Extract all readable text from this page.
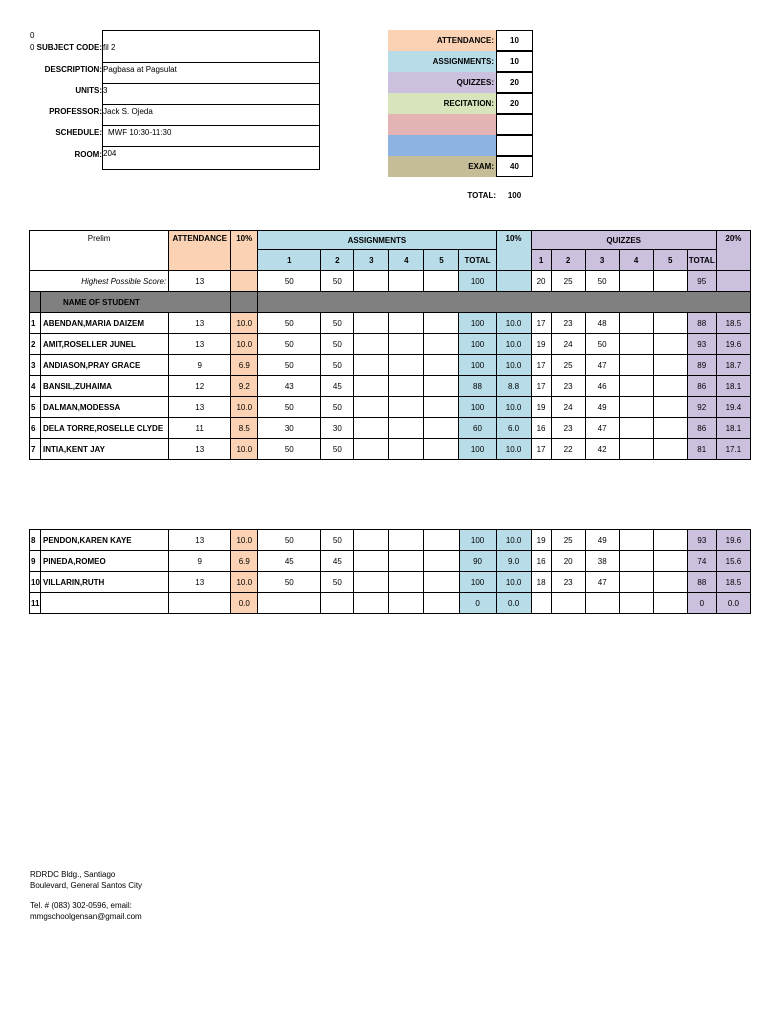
0
0 SUBJECT CODE: fil 2
DESCRIPTION: Pagbasa at Pagsulat
UNITS: 3
PROFESSOR: Jack S. Ojeda
SCHEDULE: MWF 10:30-11:30
ROOM: 204
ATTENDANCE:	10
ASSIGNMENTS:	10
QUIZZES:	20
RECITATION:	20
EXAM:	40
TOTAL:	100
Prelim		ATTENDANCE	10%	ASSIGNMENTS						10%	QUIZZES						20%
				1	2	3	4	5	TOTAL		1	2	3	4	5	TOTAL	
Highest Possible Score:		13		50	50				100		20	25	50			95	
	NAME OF STUDENT																
1	ABENDAN,MARIA DAIZEM	13	10.0	50	50				100	10.0	17	23	48			88	18.5
2	AMIT,ROSELLER JUNEL	13	10.0	50	50				100	10.0	19	24	50			93	19.6
3	ANDIASON,PRAY GRACE	9	6.9	50	50				100	10.0	17	25	47			89	18.7
4	BANSIL,ZUHAIMA	12	9.2	43	45				88	8.8	17	23	46			86	18.1
5	DALMAN,MODESSA	13	10.0	50	50				100	10.0	19	24	49			92	19.4
6	DELA TORRE,ROSELLE CLYDE	11	8.5	30	30				60	6.0	16	23	47			86	18.1
7	INTIA,KENT JAY	13	10.0	50	50				100	10.0	17	22	42			81	17.1
8	PENDON,KAREN KAYE	13	10.0	50	50				100	10.0	19	25	49			93	19.6
9	PINEDA,ROMEO	9	6.9	45	45				90	9.0	16	20	38			74	15.6
10	VILLARIN,RUTH	13	10.0	50	50				100	10.0	18	23	47			88	18.5
11			0.0						0	0.0						0	0.0
RDRDC Bldg., Santiago
Boulevard, General Santos City
Tel. # (083) 302-0596, email:
mmgschoolgensan@gmail.com
